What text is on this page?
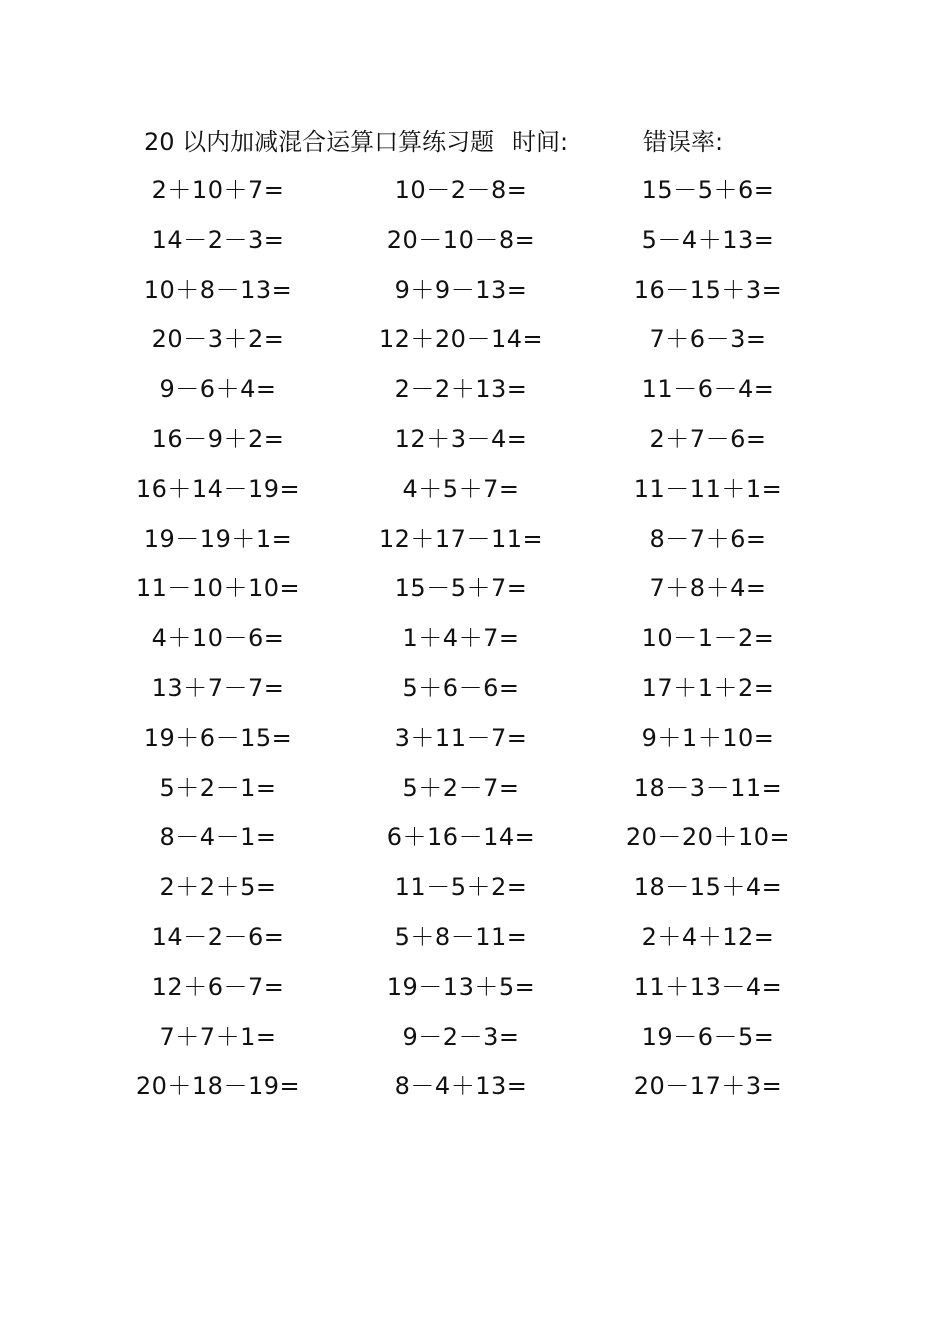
20 以内加减混合运算口算练习题 时间:	错误率:
2＋10＋7=	10－2－8=	15－5＋6=
14－2－3=	20－10－8=	5－4＋13=
10＋8－13=	9＋9－13=	16－15＋3=
20－3＋2=	12＋20－14=	7＋6－3=
9－6＋4=	2－2＋13=	11－6－4=
16－9＋2=	12＋3－4=	2＋7－6=
16＋14－19=	4＋5＋7=	11－11＋1=
19－19＋1=	12＋17－11=	8－7＋6=
11－10＋10=	15－5＋7=	7＋8＋4=
4＋10－6=	1＋4＋7=	10－1－2=
13＋7－7=	5＋6－6=	17＋1＋2=
19＋6－15=	3＋11－7=	9＋1＋10=
5＋2－1=	5＋2－7=	18－3－11=
8－4－1=	6＋16－14=	20－20＋10=
2＋2＋5=	11－5＋2=	18－15＋4=
14－2－6=	5＋8－11=	2＋4＋12=
12＋6－7=	19－13＋5=	11＋13－4=
7＋7＋1=	9－2－3=	19－6－5=
20＋18－19=	8－4＋13=	20－17＋3=
